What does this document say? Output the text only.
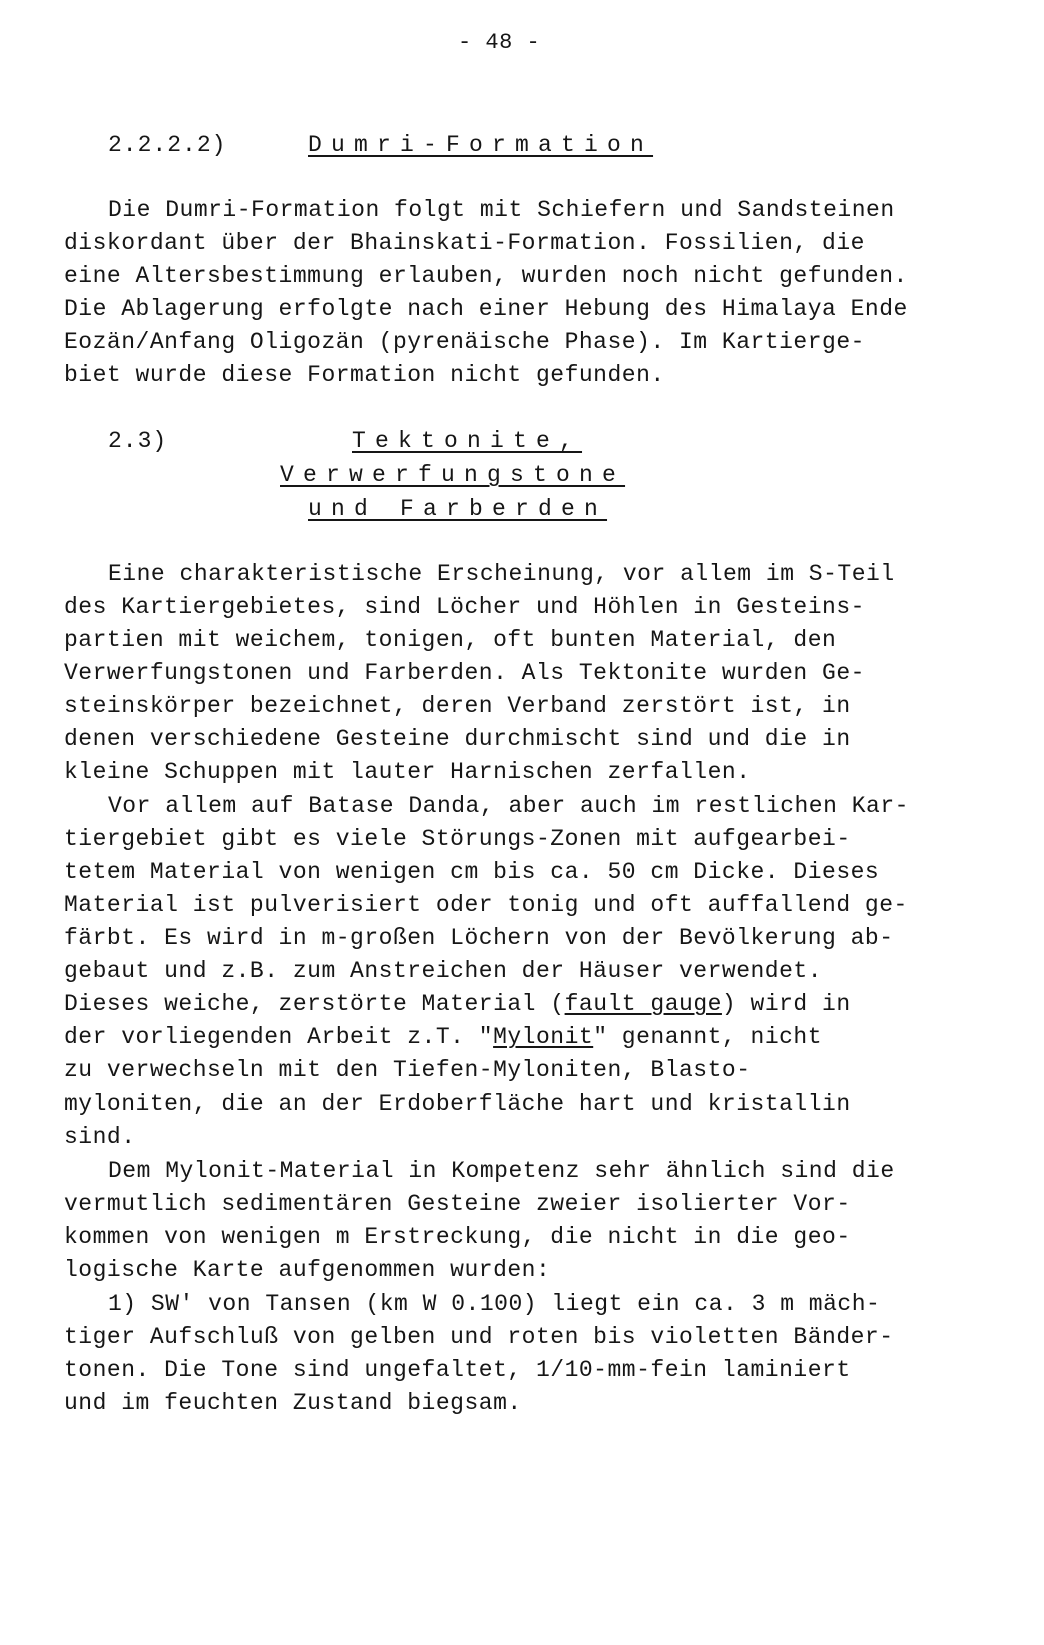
- 48 -
2.2.2.2)	Dumri-Formation
Die Dumri-Formation folgt mit Schiefern und Sandsteinen
diskordant über der Bhainskati-Formation. Fossilien, die
eine Altersbestimmung erlauben, wurden noch nicht gefunden.
Die Ablagerung erfolgte nach einer Hebung des Himalaya Ende
Eozän/Anfang Oligozän (pyrenäische Phase). Im Kartierge-
biet wurde diese Formation nicht gefunden.
2.3)	Tektonite,
Verwerfungstone
und Farberden
Eine charakteristische Erscheinung, vor allem im S-Teil
des Kartiergebietes, sind Löcher und Höhlen in Gesteins-
partien mit weichem, tonigen, oft bunten Material, den
Verwerfungstonen und Farberden. Als Tektonite wurden Ge-
steinskörper bezeichnet, deren Verband zerstört ist, in
denen verschiedene Gesteine durchmischt sind und die in
kleine Schuppen mit lauter Harnischen zerfallen.
Vor allem auf Batase Danda, aber auch im restlichen Kar-
tiergebiet gibt es viele Störungs-Zonen mit aufgearbei-
tetem Material von wenigen cm bis ca. 50 cm Dicke. Dieses
Material ist pulverisiert oder tonig und oft auffallend ge-
färbt. Es wird in m-großen Löchern von der Bevölkerung ab-
gebaut und z.B. zum Anstreichen der Häuser verwendet.
Dieses weiche, zerstörte Material (fault gauge) wird in
der vorliegenden Arbeit z.T. "Mylonit" genannt, nicht
zu verwechseln mit den Tiefen-Myloniten, Blasto-
myloniten, die an der Erdoberfläche hart und kristallin
sind.
Dem Mylonit-Material in Kompetenz sehr ähnlich sind die
vermutlich sedimentären Gesteine zweier isolierter Vor-
kommen von wenigen m Erstreckung, die nicht in die geo-
logische Karte aufgenommen wurden:
1) SW' von Tansen (km W 0.100) liegt ein ca. 3 m mäch-
tiger Aufschluß von gelben und roten bis violetten Bänder-
tonen. Die Tone sind ungefaltet, 1/10-mm-fein laminiert
und im feuchten Zustand biegsam.
